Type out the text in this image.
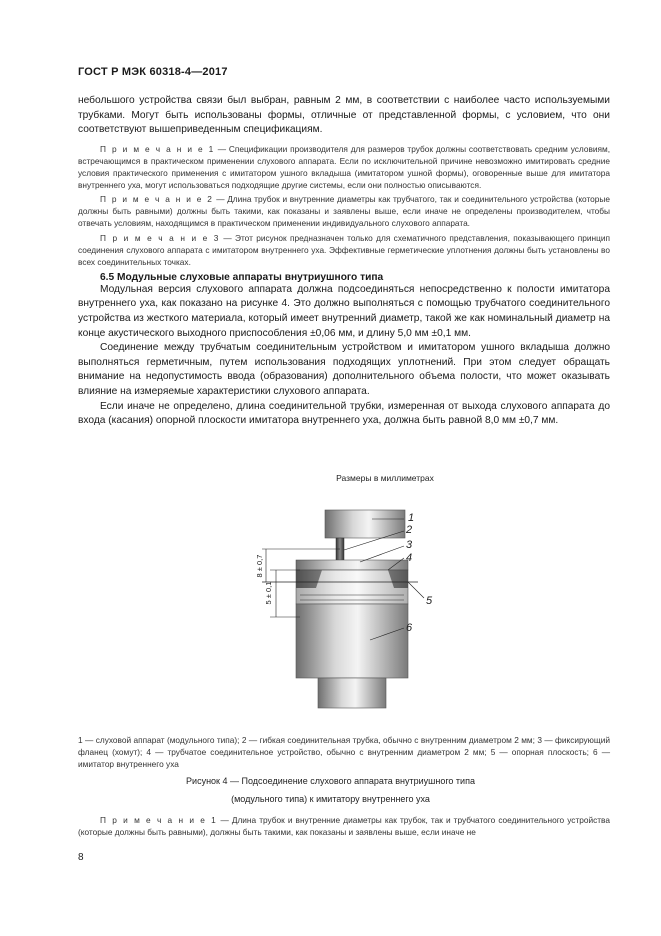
ГОСТ Р МЭК 60318-4—2017

небольшого устройства связи был выбран, равным 2 мм, в соответствии с наиболее часто используемыми трубками. Могут быть использованы формы, отличные от представленной формы, с условием, что они соответствуют вышеприведенным спецификациям.

П р и м е ч а н и е 1 — Спецификации производителя для размеров трубок должны соответствовать средним условиям, встречающимся в практическом применении слухового аппарата. Если по исключительной причине невозможно имитировать средние условия практического применения с имитатором ушного вкладыша (имитатором ушной формы), оговоренные выше для имитатора внутреннего уха, могут использоваться подходящие другие системы, если они полностью описываются.

П р и м е ч а н и е 2 — Длина трубок и внутренние диаметры как трубчатого, так и соединительного устройства (которые должны быть равными) должны быть такими, как показаны и заявлены выше, если иначе не определены производителем, чтобы отвечать условиям, находящимся в практическом применении индивидуального слухового аппарата.

П р и м е ч а н и е 3 — Этот рисунок предназначен только для схематичного представления, показывающего принцип соединения слухового аппарата с имитатором внутреннего уха. Эффективные герметические уплотнения должны быть установлены во всех соединительных точках.

6.5 Модульные слуховые аппараты внутриушного типа

Модульная версия слухового аппарата должна подсоединяться непосредственно к полости имитатора внутреннего уха, как показано на рисунке 4. Это должно выполняться с помощью трубчатого соединительного устройства из жесткого материала, который имеет внутренний диаметр, такой же как номинальный диаметр на конце акустического выходного приспособления ±0,06 мм, и длину 5,0 мм ±0,1 мм.

Соединение между трубчатым соединительным устройством и имитатором ушного вкладыша должно выполняться герметичным, путем использования подходящих уплотнений. При этом следует обращать внимание на недопустимость ввода (образования) дополнительного объема полости, что может оказывать влияние на измеряемые характеристики слухового аппарата.

Если иначе не определено, длина соединительной трубки, измеренная от выхода слухового аппарата до входа (касания) опорной плоскости имитатора внутреннего уха, должна быть равной 8,0 мм ±0,7 мм.

Размеры в миллиметрах
8 ± 0,7
5 ± 0,1
1
2
3
4
5
6

1 — слуховой аппарат (модульного типа); 2 — гибкая соединительная трубка, обычно с внутренним диаметром 2 мм; 3 — фиксирующий фланец (хомут); 4 — трубчатое соединительное устройство, обычно с внутренним диаметром 2 мм; 5 — опорная плоскость; 6 — имитатор внутреннего уха

Рисунок 4 — Подсоединение слухового аппарата внутриушного типа
(модульного типа) к имитатору внутреннего уха

П р и м е ч а н и е 1 — Длина трубок и внутренние диаметры как трубок, так и трубчатого соединительного устройства (которые должны быть равными), должны быть такими, как показаны и заявлены выше, если иначе не

8
